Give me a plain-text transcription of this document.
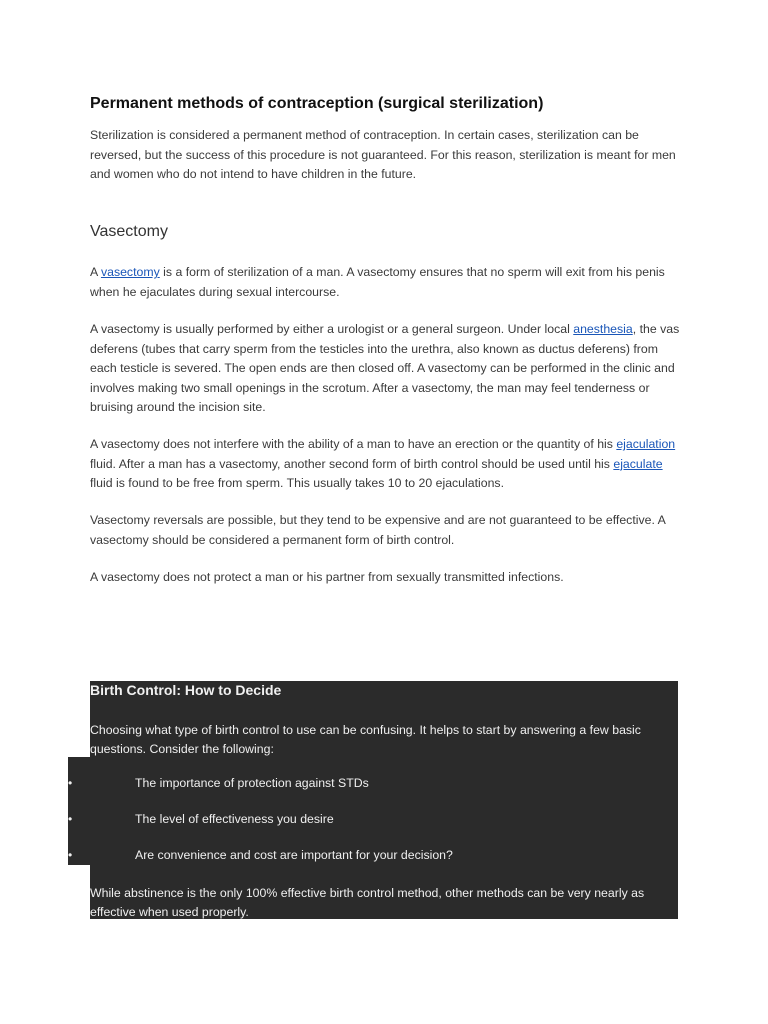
Permanent methods of contraception (surgical sterilization)

Sterilization is considered a permanent method of contraception. In certain cases, sterilization can be reversed, but the success of this procedure is not guaranteed. For this reason, sterilization is meant for men and women who do not intend to have children in the future.

Vasectomy

A vasectomy is a form of sterilization of a man. A vasectomy ensures that no sperm will exit from his penis when he ejaculates during sexual intercourse.

A vasectomy is usually performed by either a urologist or a general surgeon. Under local anesthesia, the vas deferens (tubes that carry sperm from the testicles into the urethra, also known as ductus deferens) from each testicle is severed. The open ends are then closed off. A vasectomy can be performed in the clinic and involves making two small openings in the scrotum. After a vasectomy, the man may feel tenderness or bruising around the incision site.

A vasectomy does not interfere with the ability of a man to have an erection or the quantity of his ejaculation fluid. After a man has a vasectomy, another second form of birth control should be used until his ejaculate fluid is found to be free from sperm. This usually takes 10 to 20 ejaculations.

Vasectomy reversals are possible, but they tend to be expensive and are not guaranteed to be effective. A vasectomy should be considered a permanent form of birth control.

A vasectomy does not protect a man or his partner from sexually transmitted infections.

Birth Control: How to Decide

Choosing what type of birth control to use can be confusing. It helps to start by answering a few basic questions. Consider the following:

•	The importance of protection against STDs
•	The level of effectiveness you desire
•	Are convenience and cost are important for your decision?

While abstinence is the only 100% effective birth control method, other methods can be very nearly as effective when used properly.
